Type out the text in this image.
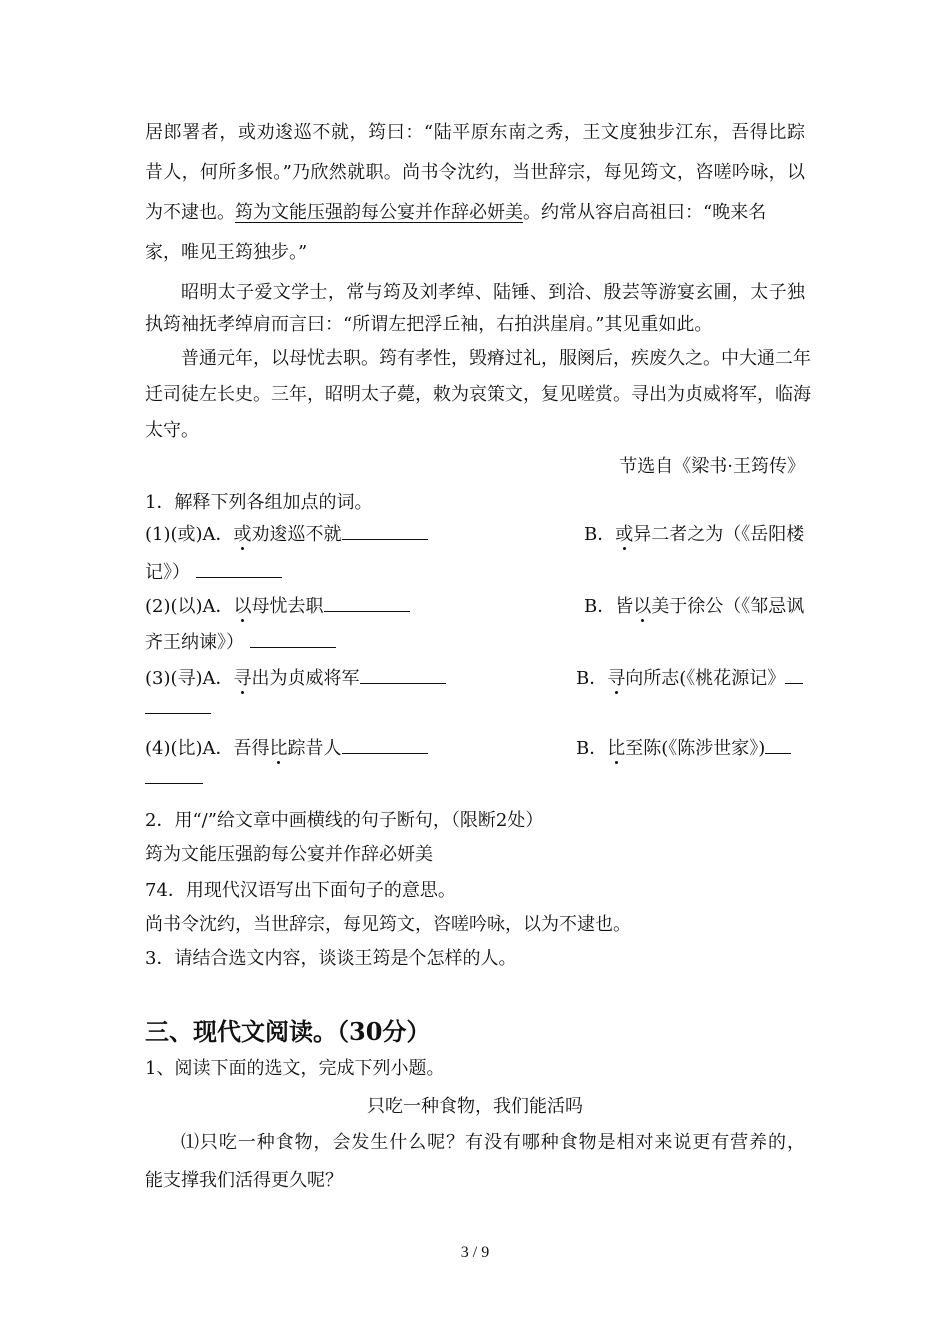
居郎署者，或劝逡巡不就，筠曰：“陆平原东南之秀，王文度独步江东，吾得比踪
昔人，何所多恨。”乃欣然就职。尚书令沈约，当世辞宗，每见筠文，咨嗟吟咏，以
为不逮也。筠为文能压强韵每公宴并作辞必妍美。约常从容启高祖曰：“晚来名
家，唯见王筠独步。”
昭明太子爱文学士，常与筠及刘孝绰、陆锤、到洽、殷芸等游宴玄圃，太子独
执筠袖抚孝绰肩而言曰：“所谓左把浮丘袖，右拍洪崖肩。”其见重如此。
普通元年，以母忧去职。筠有孝性，毁瘠过礼，服阕后，疾废久之。中大通二年
迁司徒左长史。三年，昭明太子薨，敕为哀策文，复见嗟赏。寻出为贞威将军，临海
太守。
节选自《梁书·王筠传》
1．解释下列各组加点的词。
(1)(或)A．或劝逡巡不就	B．或异二者之为（《岳阳楼
记》）
(2)(以)A．以母忧去职	B．皆以美于徐公（《邹忌讽
齐王纳谏》）
(3)(寻)A．寻出为贞威将军	B．寻向所志(《桃花源记》
(4)(比)A．吾得比踪昔人	B．比至陈(《陈涉世家》)
2．用“/”给文章中画横线的句子断句，（限断2处）
筠为文能压强韵每公宴并作辞必妍美
74．用现代汉语写出下面句子的意思。
尚书令沈约，当世辞宗，每见筠文，咨嗟吟咏，以为不逮也。
3．请结合选文内容，谈谈王筠是个怎样的人。
三、现代文阅读。（30分）
1、阅读下面的选文，完成下列小题。
只吃一种食物，我们能活吗
⑴只吃一种食物，会发生什么呢？有没有哪种食物是相对来说更有营养的，
能支撑我们活得更久呢？
3 / 9
